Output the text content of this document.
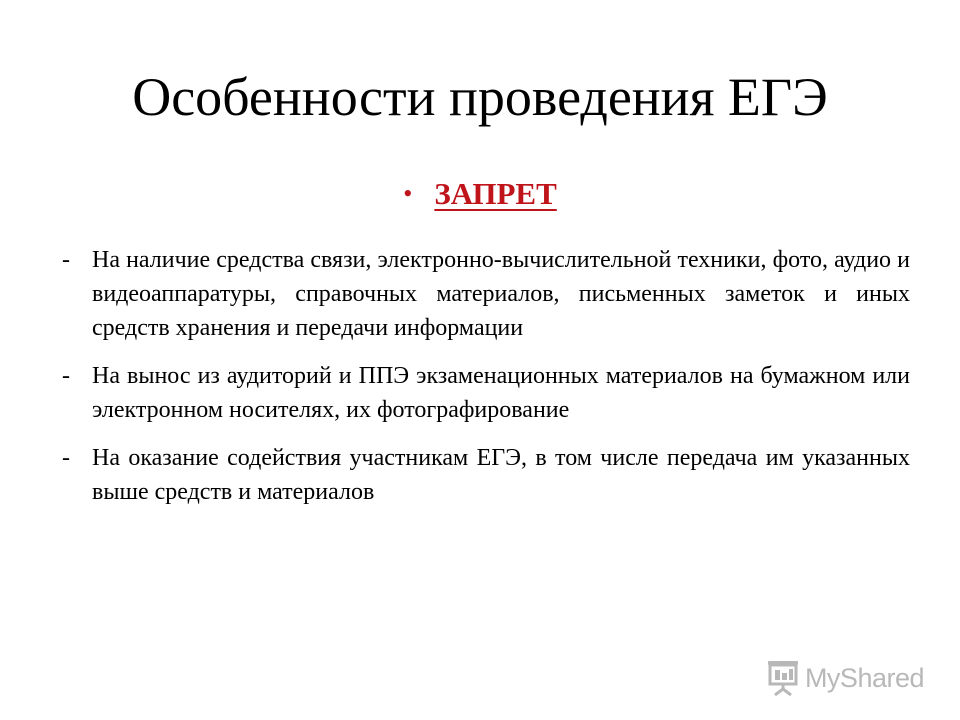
Особенности проведения ЕГЭ
• ЗАПРЕТ
- На наличие средства связи, электронно-вычислительной техники, фото, аудио и видеоаппаратуры, справочных материалов, письменных заметок и иных средств хранения и передачи информации
- На вынос из аудиторий и ППЭ экзаменационных материалов на бумажном или электронном носителях, их фотографирование
- На оказание содействия участникам ЕГЭ, в том числе передача им указанных выше средств и материалов
MyShared
